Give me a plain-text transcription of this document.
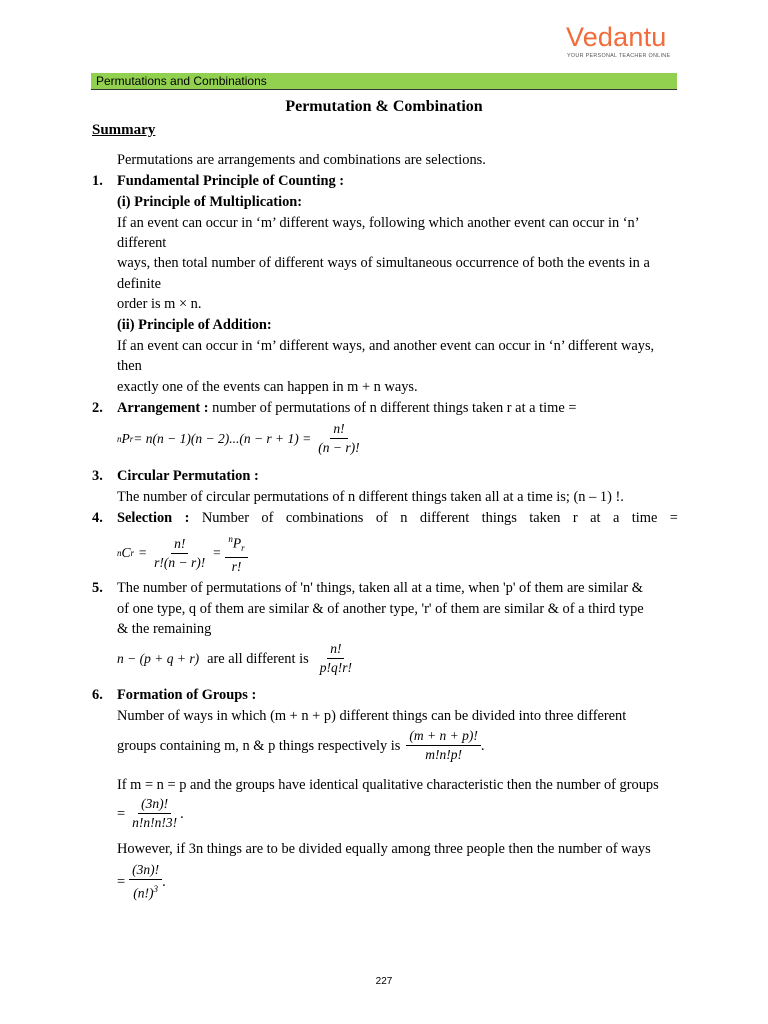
Vedantu
YOUR PERSONAL TEACHER ONLINE
Permutations and Combinations
Permutation & Combination
Summary
Permutations are arrangements and combinations are selections.
1. Fundamental Principle of Counting :
(i) Principle of Multiplication:
If an event can occur in ‘m’ different ways, following which another event can occur in ‘n’
different
ways, then total number of different ways of simultaneous occurrence of both the events in a
definite
order is m × n.
(ii) Principle of Addition:
If an event can occur in ‘m’ different ways, and another event can occur in ‘n’ different ways,
then
exactly one of the events can happen in m + n ways.
2. Arrangement : number of permutations of n different things taken r at a time =
n P $r = n(n - 1)(n - 2)...(n - r + 1) = \frac{n!}{(n - r)!}$
3. Circular Permutation :
The number of circular permutations of n different things taken all at a time is; (n – 1) !.
4. Selection : Number of combinations of n different things taken r at a time =
n C $r = \frac{n!}{r!(n - r)!} = \frac{^nP_r}{r!}$
5. The number of permutations of 'n' things, taken all at a time, when 'p' of them are similar &
of one type, q of them are similar & of another type, 'r' of them are similar & of a third type
& the remaining
n − (p + q + r) are all different is $\frac{n!}{p!q!r!}$
6. Formation of Groups :
Number of ways in which (m + n + p) different things can be divided into three different
groups containing m, n & p things respectively is $\frac{(m + n + p)!}{m!n!p!}$ .
If m = n = p and the groups have identical qualitative characteristic then the number of groups
= $\frac{(3n)!}{n!n!n!3!}$ .
However, if 3n things are to be divided equally among three people then the number of ways
= $\frac{(3n)!}{(n!)^3}$ .
227
